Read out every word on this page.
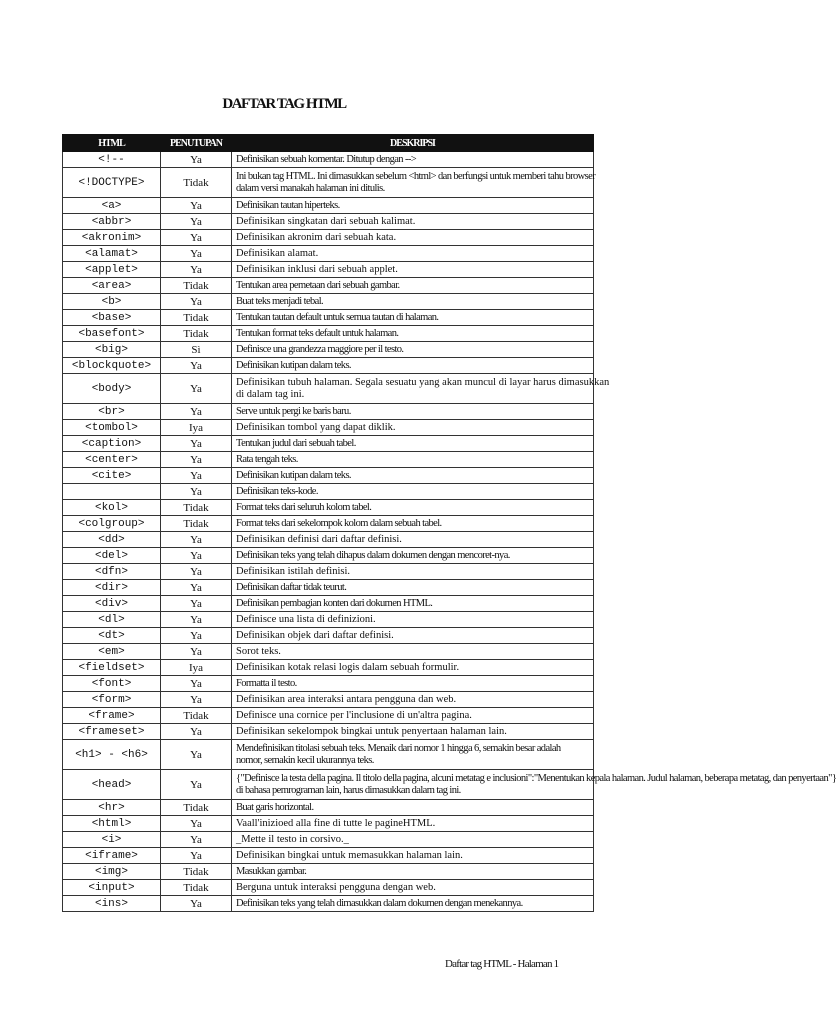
DAFTAR TAG HTML
HTML	PENUTUPAN	DESKRIPSI
<!--	Ya	Definisikan sebuah komentar. Ditutup dengan -->

<!DOCTYPE>	Tidak	Ini bukan tag HTML. Ini dimasukkan sebelum <html> dan berfungsi untuk memberi tahu browser
dalam versi manakah halaman ini ditulis.

<a>	Ya	Definisikan tautan hiperteks.

<abbr>	Ya	Definisikan singkatan dari sebuah kalimat.

<akronim>	Ya	Definisikan akronim dari sebuah kata.

<alamat>	Ya	Definisikan alamat.

<applet>	Ya	Definisikan inklusi dari sebuah applet.

<area>	Tidak	Tentukan area pemetaan dari sebuah gambar.

<b>	Ya	Buat teks menjadi tebal.

<base>	Tidak	Tentukan tautan default untuk semua tautan di halaman.

<basefont>	Tidak	Tentukan format teks default untuk halaman.

<big>	Sì	Definisce una grandezza maggiore per il testo.

<blockquote>	Ya	Definisikan kutipan dalam teks.

<body>	Ya	Definisikan tubuh halaman. Segala sesuatu yang akan muncul di layar harus dimasukkan
di dalam tag ini.

<br>	Ya	Serve untuk pergi ke baris baru.

<tombol>	Iya	Definisikan tombol yang dapat diklik.

<caption>	Ya	Tentukan judul dari sebuah tabel.

<center>	Ya	Rata tengah teks.

<cite>	Ya	Definisikan kutipan dalam teks.

	Ya	Definisikan teks-kode.

<kol>	Tidak	Format teks dari seluruh kolom tabel.

<colgroup>	Tidak	Format teks dari sekelompok kolom dalam sebuah tabel.

<dd>	Ya	Definisikan definisi dari daftar definisi.

<del>	Ya	Definisikan teks yang telah dihapus dalam dokumen dengan mencoret-nya.

<dfn>	Ya	Definisikan istilah definisi.

<dir>	Ya	Definisikan daftar tidak teurut.

<div>	Ya	Definisikan pembagian konten dari dokumen HTML.

<dl>	Ya	Definisce una lista di definizioni.

<dt>	Ya	Definisikan objek dari daftar definisi.

<em>	Ya	Sorot teks.

<fieldset>	Iya	Definisikan kotak relasi logis dalam sebuah formulir.

<font>	Ya	Formatta il testo.

<form>	Ya	Definisikan area interaksi antara pengguna dan web.

<frame>	Tidak	Definisce una cornice per l'inclusione di un'altra pagina.

<frameset>	Ya	Definisikan sekelompok bingkai untuk penyertaan halaman lain.

<h1> - <h6>	Ya	Mendefinisikan titolasi sebuah teks. Menaik dari nomor 1 hingga 6, semakin besar adalah
nomor, semakin kecil ukurannya teks.

<head>	Ya	{"Definisce la testa della pagina. Il titolo della pagina, alcuni metatag e inclusioni":"Menentukan kepala halaman. Judul halaman, beberapa metatag, dan penyertaan"}
di bahasa pemrograman lain, harus dimasukkan dalam tag ini.

<hr>	Tidak	Buat garis horizontal.

<html>	Ya	Vaall'inizioed alla fine di tutte le pagineHTML.

<i>	Ya	_Mette il testo in corsivo._

<iframe>	Ya	Definisikan bingkai untuk memasukkan halaman lain.

<img>	Tidak	Masukkan gambar.

<input>	Tidak	Berguna untuk interaksi pengguna dengan web.

<ins>	Ya	Definisikan teks yang telah dimasukkan dalam dokumen dengan menekannya.
Daftar tag HTML - Halaman 1
